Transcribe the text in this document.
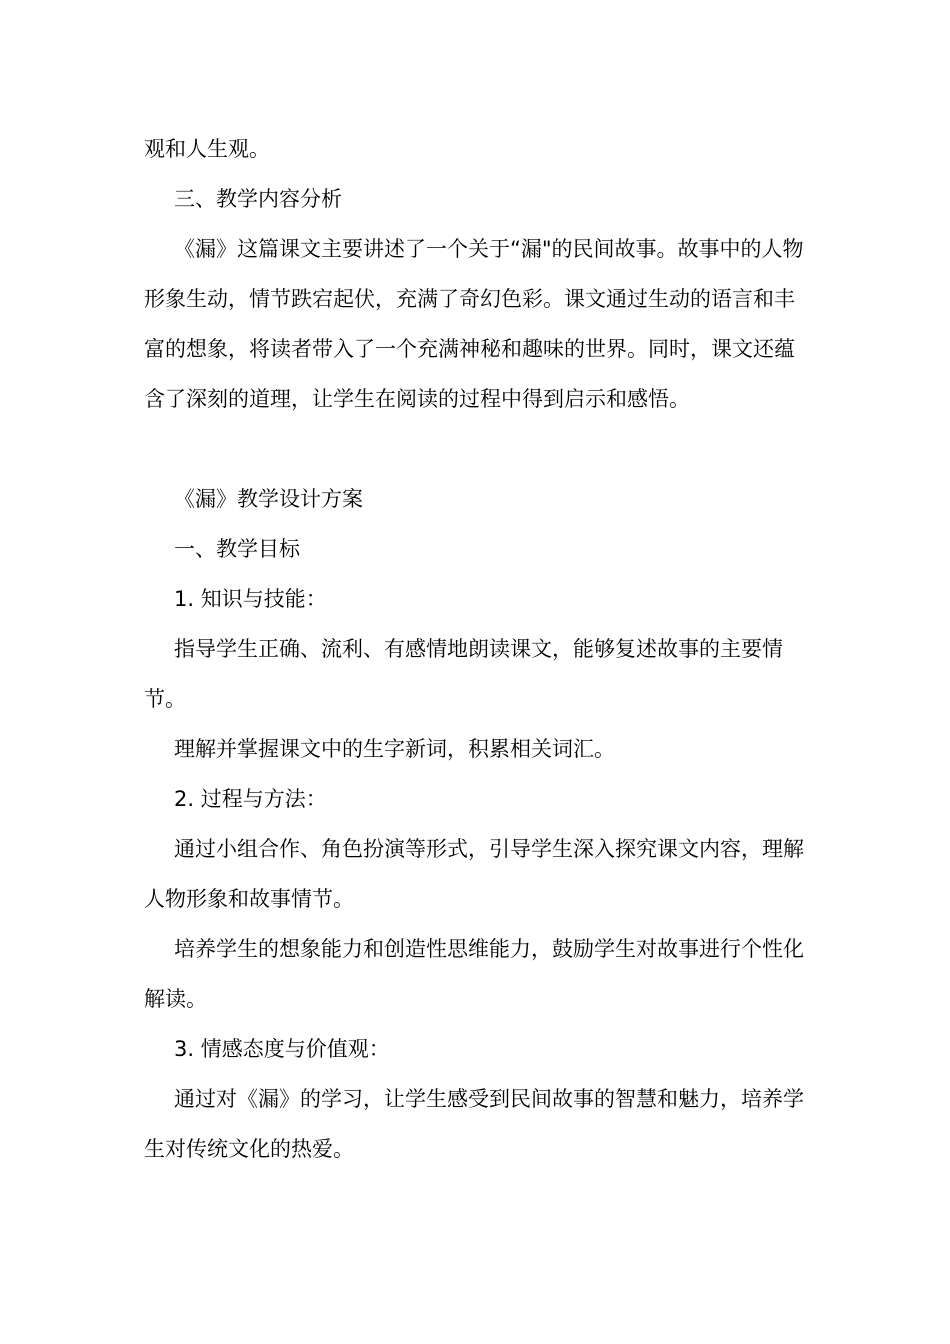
观和人生观。

三、教学内容分析

《漏》这篇课文主要讲述了一个关于“漏"的民间故事。故事中的人物形象生动，情节跌宕起伏，充满了奇幻色彩。课文通过生动的语言和丰富的想象，将读者带入了一个充满神秘和趣味的世界。同时，课文还蕴含了深刻的道理，让学生在阅读的过程中得到启示和感悟。

《漏》教学设计方案

一、教学目标

1. 知识与技能：

指导学生正确、流利、有感情地朗读课文，能够复述故事的主要情节。

理解并掌握课文中的生字新词，积累相关词汇。

2. 过程与方法：

通过小组合作、角色扮演等形式，引导学生深入探究课文内容，理解人物形象和故事情节。

培养学生的想象能力和创造性思维能力，鼓励学生对故事进行个性化解读。

3. 情感态度与价值观：

通过对《漏》的学习，让学生感受到民间故事的智慧和魅力，培养学生对传统文化的热爱。
